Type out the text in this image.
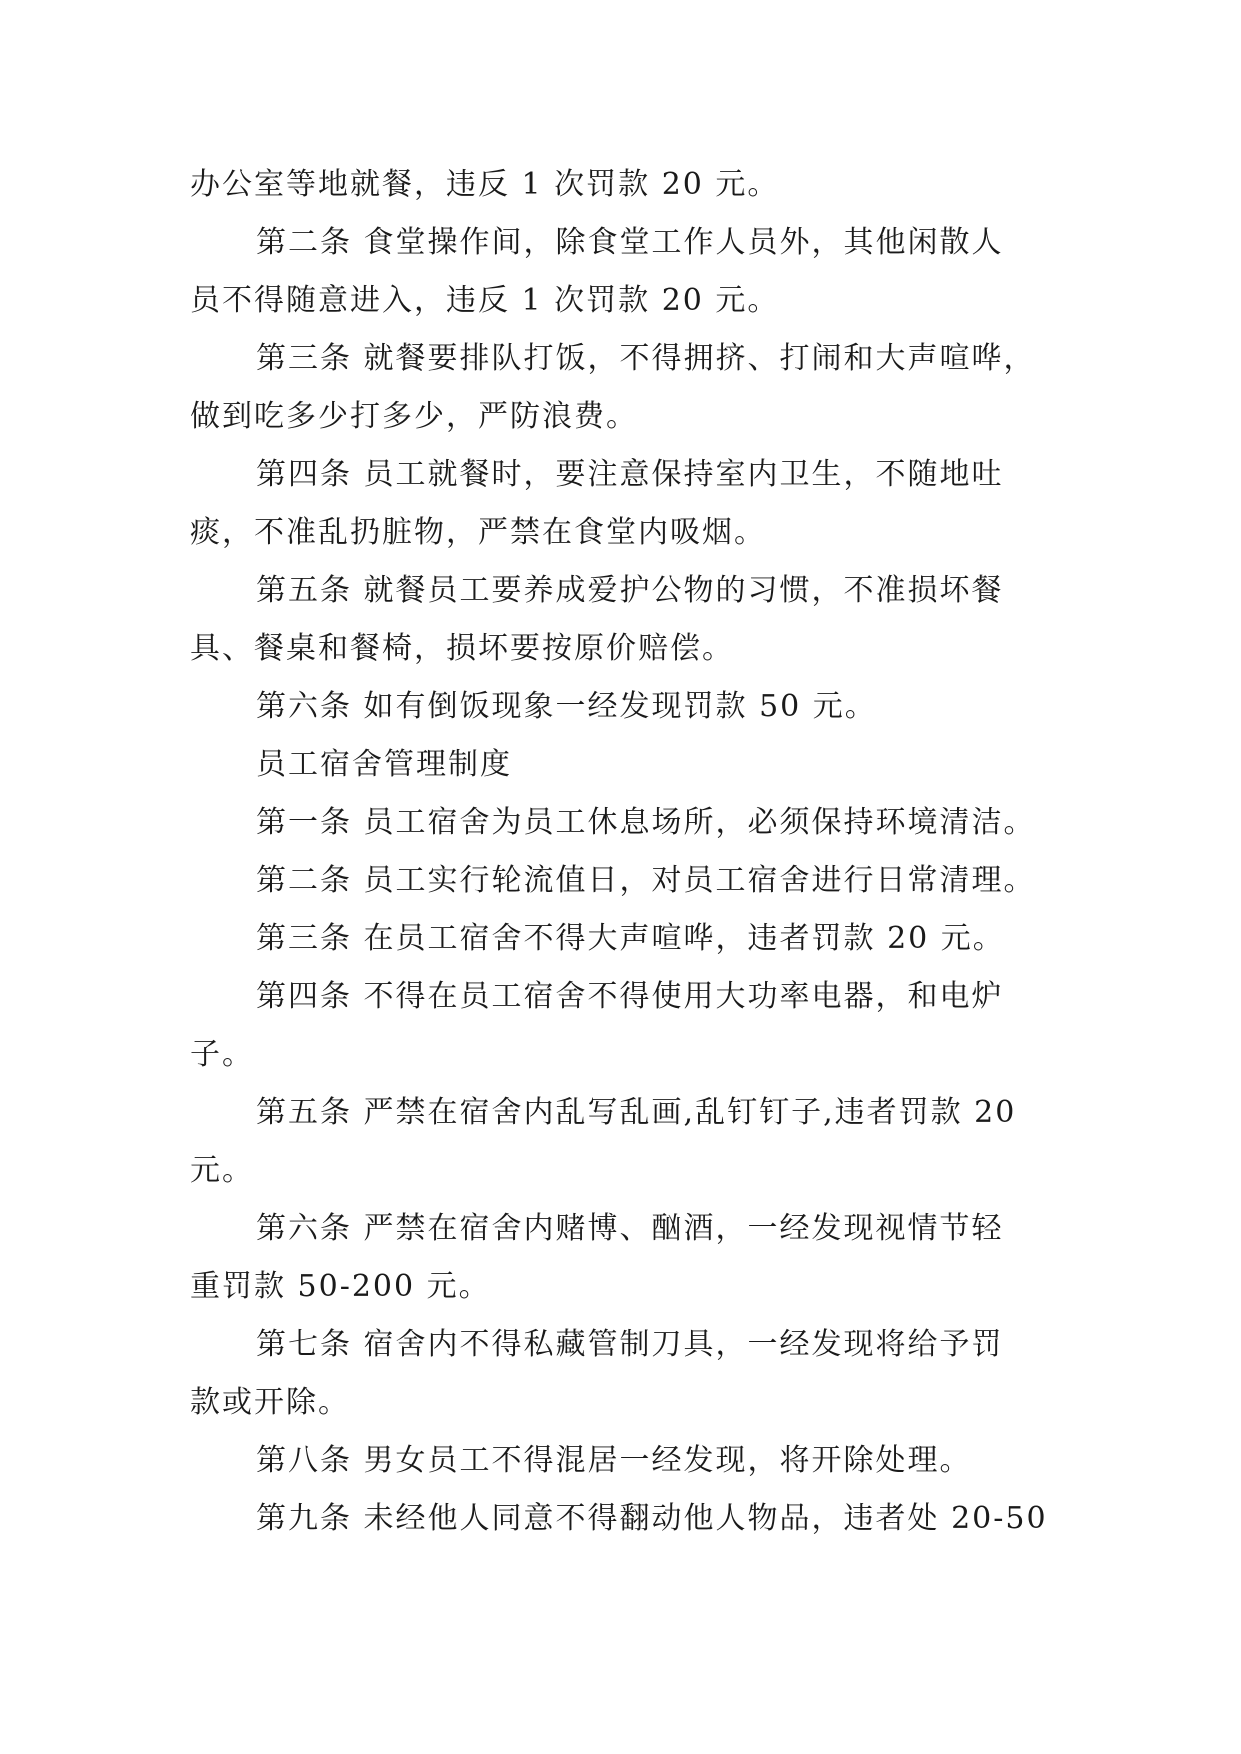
办公室等地就餐，违反 1 次罚款 20 元。

第二条 食堂操作间，除食堂工作人员外，其他闲散人
员不得随意进入，违反 1 次罚款 20 元。

第三条 就餐要排队打饭，不得拥挤、打闹和大声喧哗，
做到吃多少打多少，严防浪费。

第四条 员工就餐时，要注意保持室内卫生，不随地吐
痰，不准乱扔脏物，严禁在食堂内吸烟。

第五条 就餐员工要养成爱护公物的习惯，不准损坏餐
具、餐桌和餐椅，损坏要按原价赔偿。

第六条 如有倒饭现象一经发现罚款 50 元。

员工宿舍管理制度

第一条 员工宿舍为员工休息场所，必须保持环境清洁。

第二条 员工实行轮流值日，对员工宿舍进行日常清理。

第三条 在员工宿舍不得大声喧哗，违者罚款 20 元。

第四条 不得在员工宿舍不得使用大功率电器，和电炉
子。

第五条 严禁在宿舍内乱写乱画,乱钉钉子,违者罚款 20
元。

第六条 严禁在宿舍内赌博、酗酒，一经发现视情节轻
重罚款 50-200 元。

第七条 宿舍内不得私藏管制刀具，一经发现将给予罚
款或开除。

第八条 男女员工不得混居一经发现，将开除处理。

第九条 未经他人同意不得翻动他人物品，违者处 20-50
